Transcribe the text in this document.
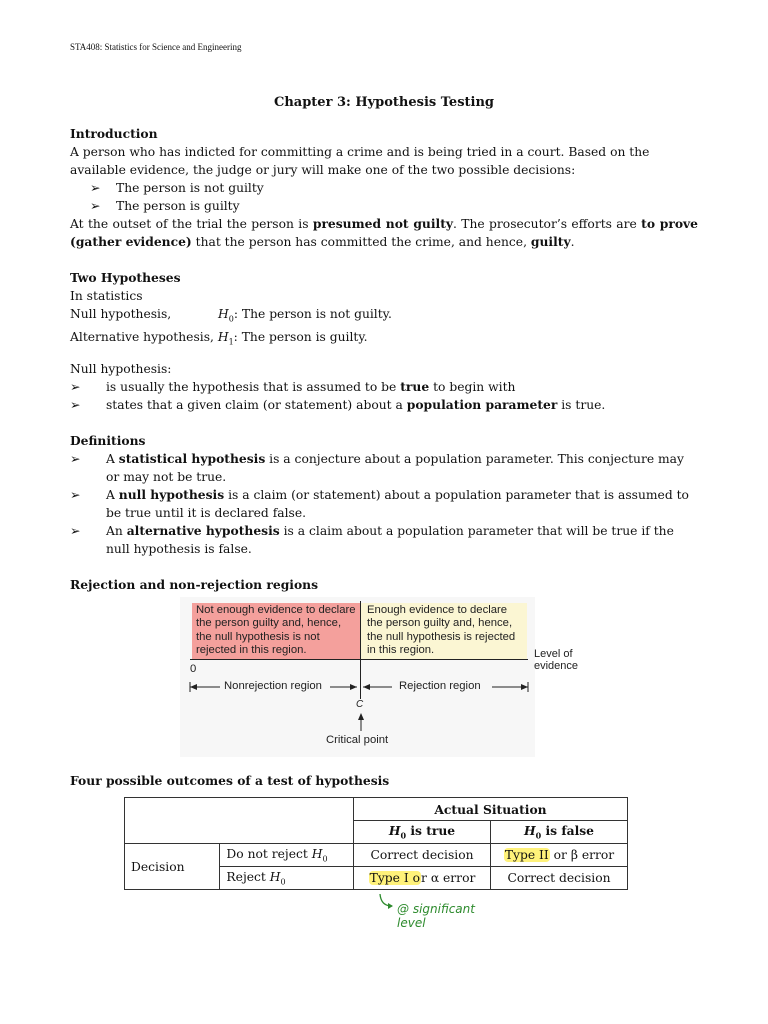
STA408: Statistics for Science and Engineering
Chapter 3: Hypothesis Testing
Introduction
A person who has indicted for committing a crime and is being tried in a court. Based on the available evidence, the judge or jury will make one of the two possible decisions:
➢ The person is not guilty
➢ The person is guilty
At the outset of the trial the person is presumed not guilty. The prosecutor’s efforts are to prove (gather evidence) that the person has committed the crime, and hence, guilty.
Two Hypotheses
In statistics
Null hypothesis,	$H_0$: The person is not guilty.
Alternative hypothesis, $H_1$: The person is guilty.
Null hypothesis:
➢	is usually the hypothesis that is assumed to be true to begin with
➢	states that a given claim (or statement) about a population parameter is true.
Definitions
➢	A statistical hypothesis is a conjecture about a population parameter. This conjecture may or may not be true.
➢	A null hypothesis is a claim (or statement) about a population parameter that is assumed to be true until it is declared false.
➢	An alternative hypothesis is a claim about a population parameter that will be true if the null hypothesis is false.
Rejection and non-rejection regions
Not enough evidence to declare the person guilty and, hence, the null hypothesis is not rejected in this region.
Enough evidence to declare the person guilty and, hence, the null hypothesis is rejected in this region.
0
Level of evidence
Nonrejection region	Rejection region
C
Critical point
Four possible outcomes of a test of hypothesis
		Actual Situation	
		$H_0$ is true	$H_0$ is false
Decision	Do not reject $H_0$	Correct decision	Type II or β error
	Reject $H_0$	Type I or α error	Correct decision
@ significant level
